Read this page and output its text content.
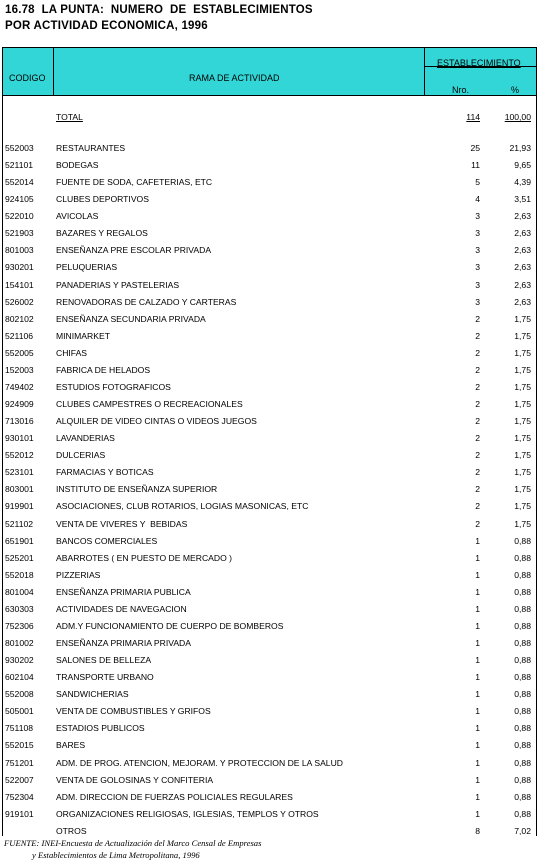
16.78  LA PUNTA:  NUMERO  DE  ESTABLECIMIENTOS
POR ACTIVIDAD ECONOMICA, 1996
CODIGO	RAMA DE ACTIVIDAD
ESTABLECIMIENTO
Nro.	%
TOTAL	114	100,00
552003	RESTAURANTES	25	21,93
521101	BODEGAS	11	9,65
552014	FUENTE DE SODA, CAFETERIAS, ETC	5	4,39
924105	CLUBES DEPORTIVOS	4	3,51
522010	AVICOLAS	3	2,63
521903	BAZARES Y REGALOS	3	2,63
801003	ENSEÑANZA PRE ESCOLAR PRIVADA	3	2,63
930201	PELUQUERIAS	3	2,63
154101	PANADERIAS Y PASTELERIAS	3	2,63
526002	RENOVADORAS DE CALZADO Y CARTERAS	3	2,63
802102	ENSEÑANZA SECUNDARIA PRIVADA	2	1,75
521106	MINIMARKET	2	1,75
552005	CHIFAS	2	1,75
152003	FABRICA DE HELADOS	2	1,75
749402	ESTUDIOS FOTOGRAFICOS	2	1,75
924909	CLUBES CAMPESTRES O RECREACIONALES	2	1,75
713016	ALQUILER DE VIDEO CINTAS O VIDEOS JUEGOS	2	1,75
930101	LAVANDERIAS	2	1,75
552012	DULCERIAS	2	1,75
523101	FARMACIAS Y BOTICAS	2	1,75
803001	INSTITUTO DE ENSEÑANZA SUPERIOR	2	1,75
919901	ASOCIACIONES, CLUB ROTARIOS, LOGIAS MASONICAS, ETC	2	1,75
521102	VENTA DE VIVERES Y  BEBIDAS	2	1,75
651901	BANCOS COMERCIALES	1	0,88
525201	ABARROTES ( EN PUESTO DE MERCADO )	1	0,88
552018	PIZZERIAS	1	0,88
801004	ENSEÑANZA PRIMARIA PUBLICA	1	0,88
630303	ACTIVIDADES DE NAVEGACION	1	0,88
752306	ADM.Y FUNCIONAMIENTO DE CUERPO DE BOMBEROS	1	0,88
801002	ENSEÑANZA PRIMARIA PRIVADA	1	0,88
930202	SALONES DE BELLEZA	1	0,88
602104	TRANSPORTE URBANO	1	0,88
552008	SANDWICHERIAS	1	0,88
505001	VENTA DE COMBUSTIBLES Y GRIFOS	1	0,88
751108	ESTADIOS PUBLICOS	1	0,88
552015	BARES	1	0,88
751201	ADM. DE PROG. ATENCION, MEJORAM. Y PROTECCION DE LA SALUD	1	0,88
522007	VENTA DE GOLOSINAS Y CONFITERIA	1	0,88
752304	ADM. DIRECCION DE FUERZAS POLICIALES REGULARES	1	0,88
919101	ORGANIZACIONES RELIGIOSAS, IGLESIAS, TEMPLOS Y OTROS	1	0,88
OTROS	8	7,02
FUENTE: INEI-Encuesta de Actualización del Marco Censal de Empresas
y Establecimientos de Lima Metropolitana, 1996
